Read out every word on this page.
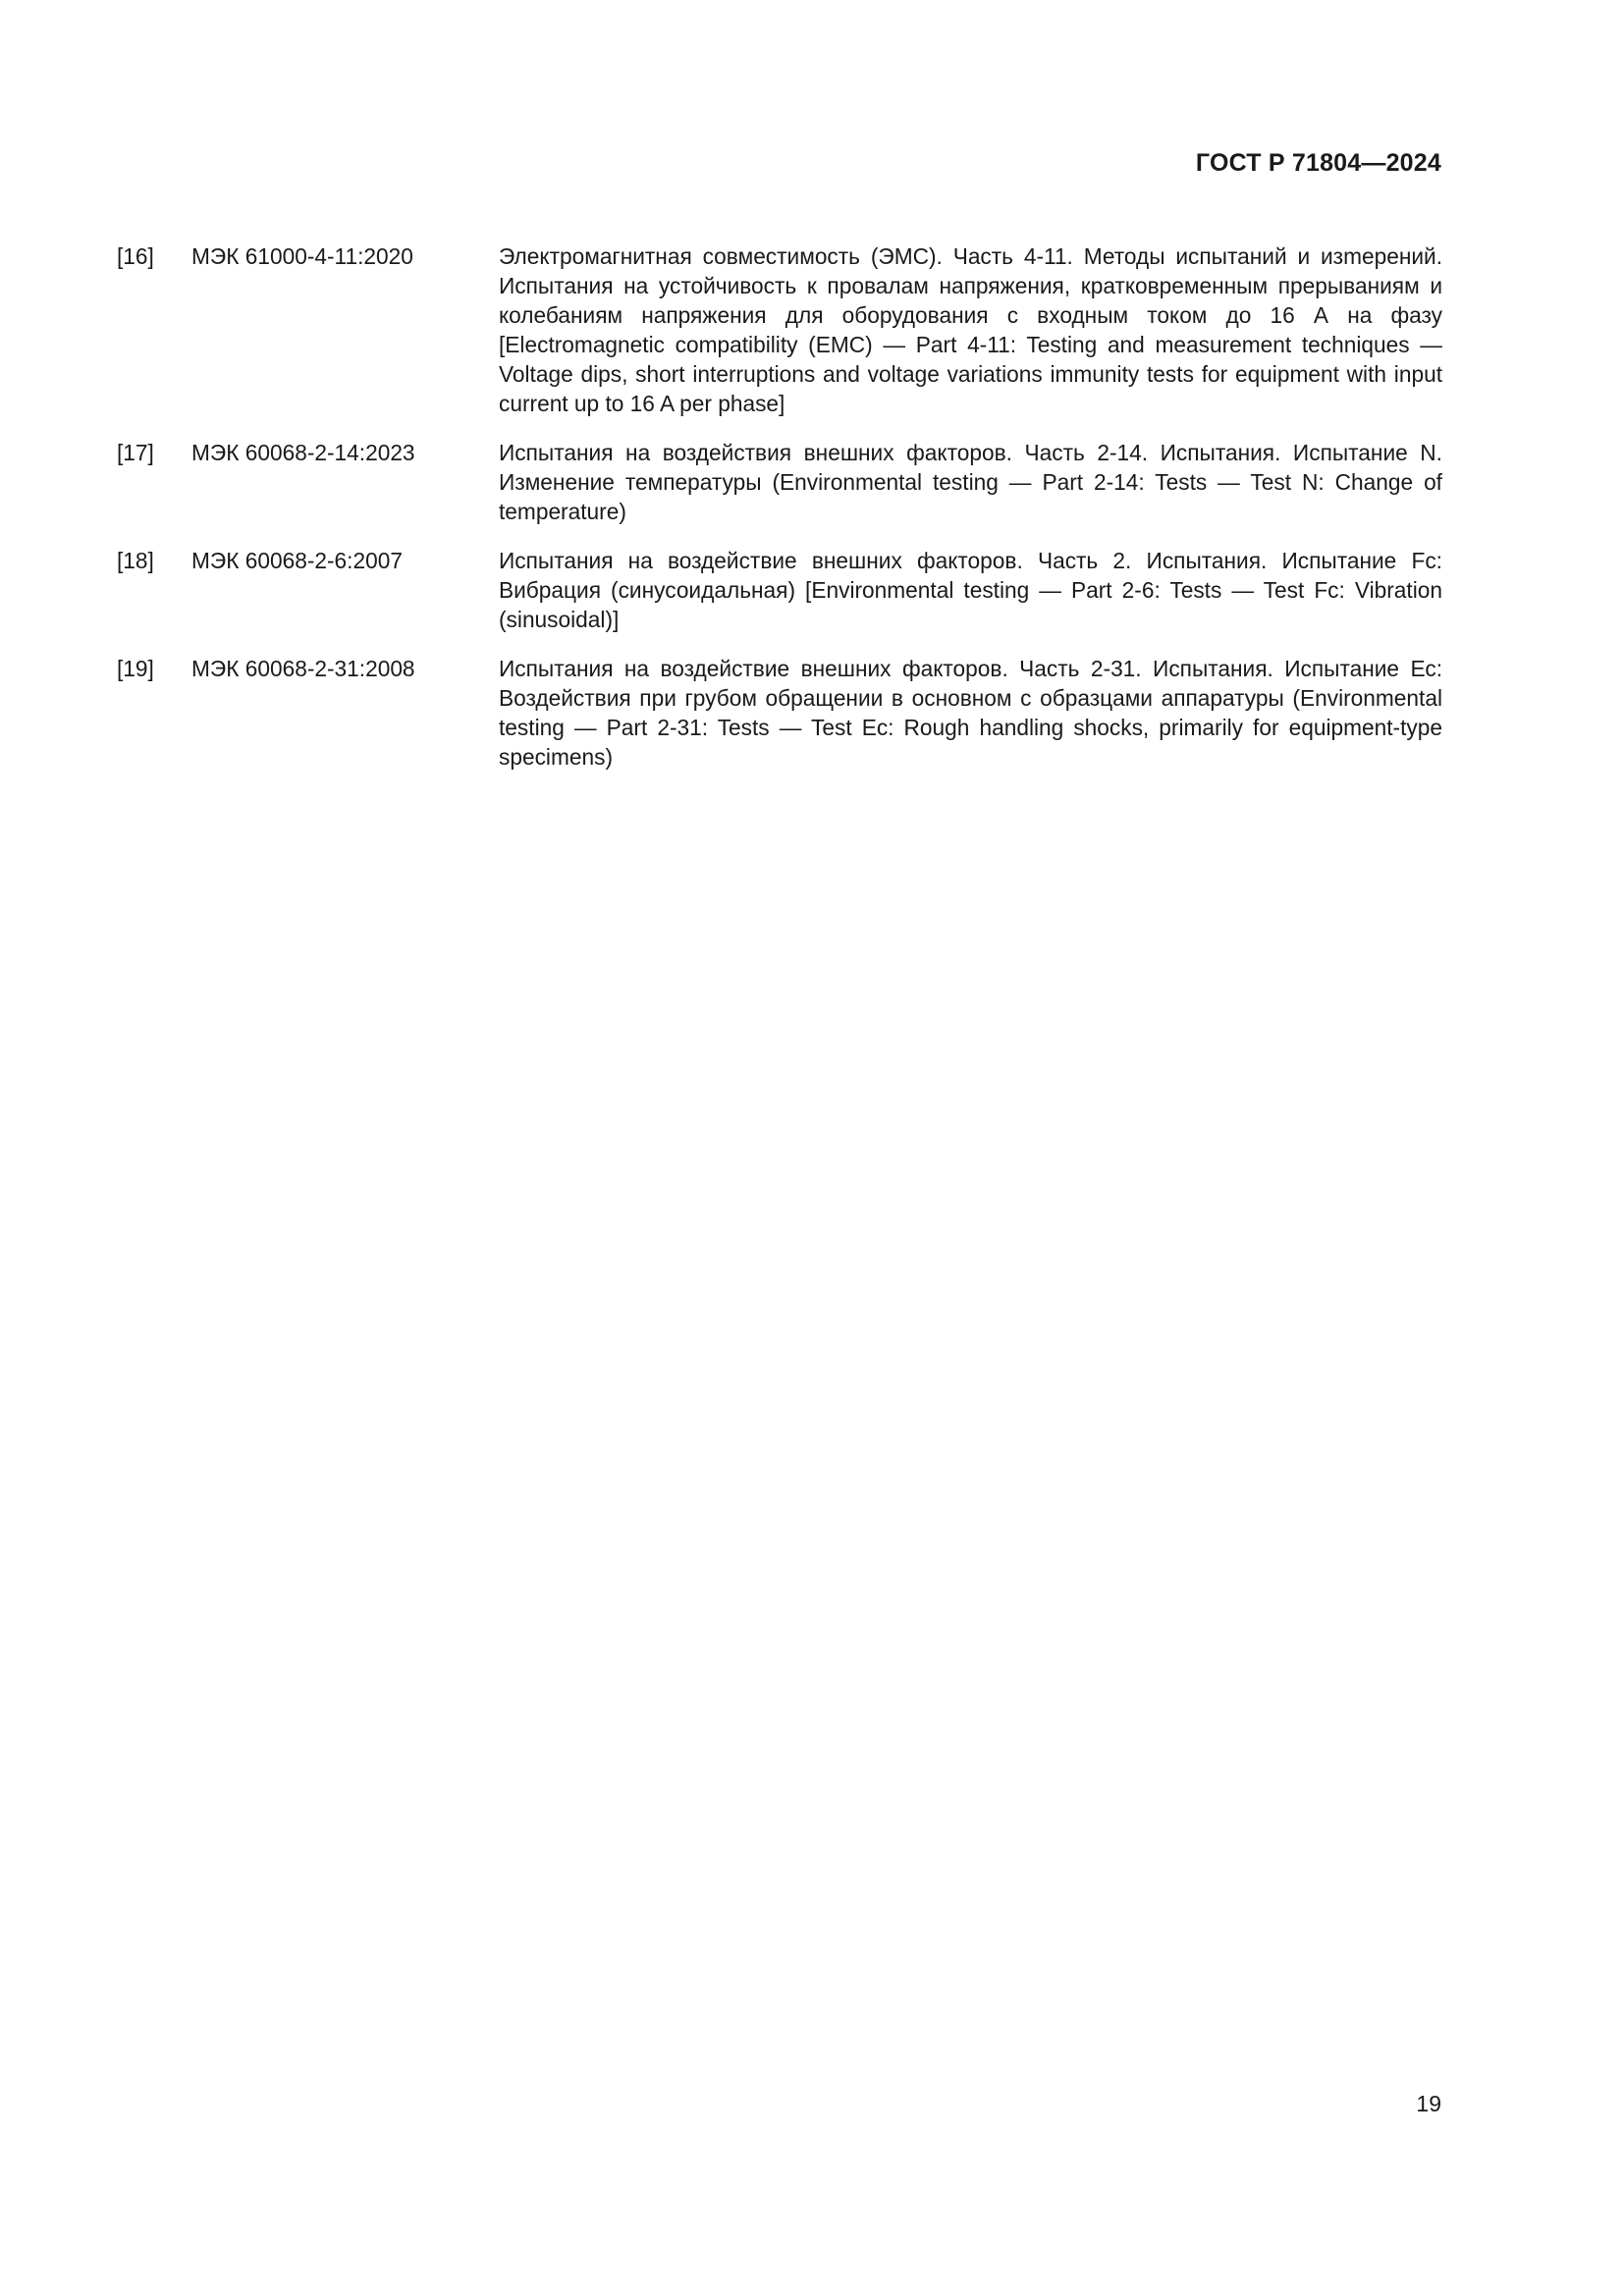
ГОСТ Р 71804—2024
[16]	МЭК 61000-4-11:2020	Электромагнитная совместимость (ЭМС). Часть 4-11. Методы испытаний и изmерений. Испытания на устойчивость к провалам напряжения, кратковременным прерываниям и колебаниям напряжения для оборудования с входным током до 16 А на фазу [Electromagnetic compatibility (EMC) — Part 4-11: Testing and measurement techniques — Voltage dips, short interruptions and voltage variations immunity tests for equipment with input current up to 16 A per phase]
[17]	МЭК 60068-2-14:2023	Испытания на воздействия внешних факторов. Часть 2-14. Испытания. Испытание N. Изменение температуры (Environmental testing — Part 2-14: Tests — Test N: Change of temperature)
[18]	МЭК 60068-2-6:2007	Испытания на воздействие внешних факторов. Часть 2. Испытания. Испытание Fc: Вибрация (синусоидальная) [Environmental testing — Part 2-6: Tests — Test Fc: Vibration (sinusoidal)]
[19]	МЭК 60068-2-31:2008	Испытания на воздействие внешних факторов. Часть 2-31. Испытания. Испытание Ес: Воздействия при грубом обращении в основном с образцами аппаратуры (Environmental testing — Part 2-31: Tests — Test Ec: Rough handling shocks, primarily for equipment-type specimens)
19
